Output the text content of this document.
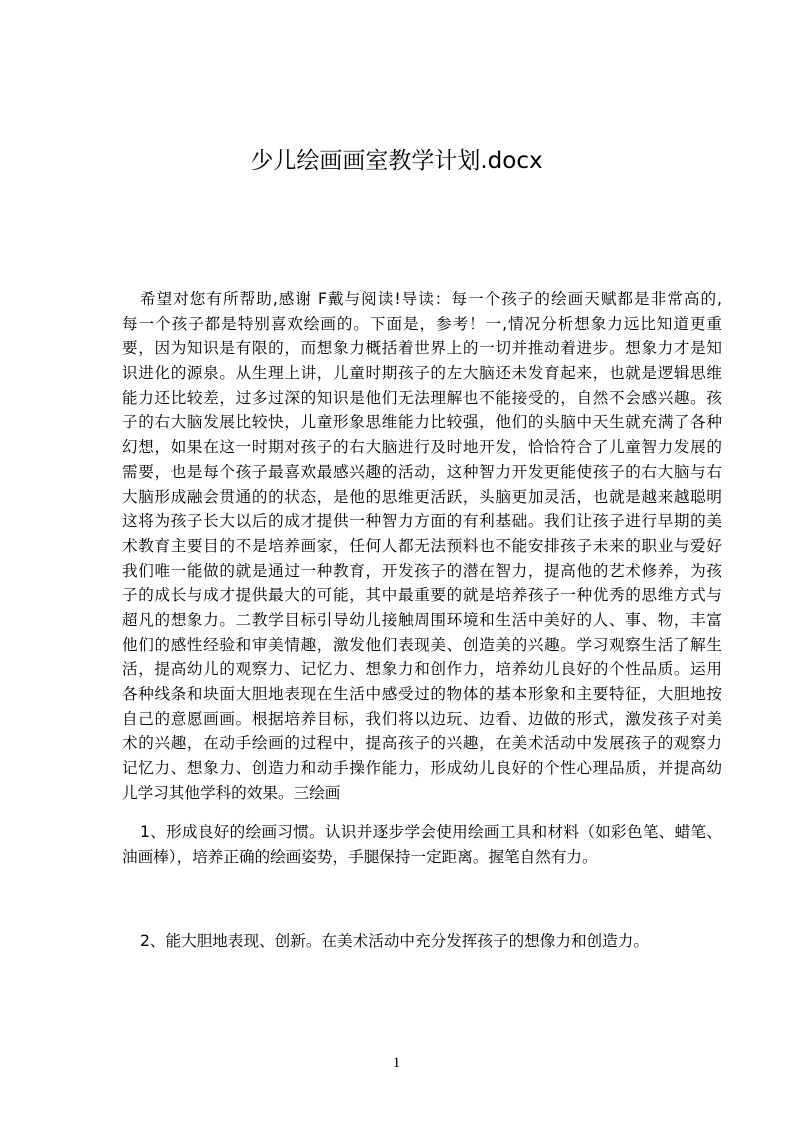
少儿绘画画室教学计划.docx
希望对您有所帮助,感谢 F戴与阅读!导读：每一个孩子的绘画天赋都是非常高的,
每一个孩子都是特别喜欢绘画的。下面是，参考！一,情况分析想象力远比知道更重
要，因为知识是有限的，而想象力概括着世界上的一切并推动着进步。想象力才是知
识进化的源泉。从生理上讲，儿童时期孩子的左大脑还未发育起来，也就是逻辑思维
能力还比较差，过多过深的知识是他们无法理解也不能接受的，自然不会感兴趣。孩
子的右大脑发展比较快，儿童形象思维能力比较强，他们的头脑中天生就充满了各种
幻想，如果在这一时期对孩子的右大脑进行及时地开发，恰恰符合了儿童智力发展的
需要，也是每个孩子最喜欢最感兴趣的活动，这种智力开发更能使孩子的右大脑与右
大脑形成融会贯通的的状态，是他的思维更活跃，头脑更加灵活，也就是越来越聪明
这将为孩子长大以后的成才提供一种智力方面的有利基础。我们让孩子进行早期的美
术教育主要目的不是培养画家，任何人都无法预料也不能安排孩子未来的职业与爱好
我们唯一能做的就是通过一种教育，开发孩子的潜在智力，提高他的艺术修养，为孩
子的成长与成才提供最大的可能，其中最重要的就是培养孩子一种优秀的思维方式与
超凡的想象力。二教学目标引导幼儿接触周围环境和生活中美好的人、事、物，丰富
他们的感性经验和审美情趣，激发他们表现美、创造美的兴趣。学习观察生活了解生
活，提高幼儿的观察力、记忆力、想象力和创作力，培养幼儿良好的个性品质。运用
各种线条和块面大胆地表现在生活中感受过的物体的基本形象和主要特征，大胆地按
自己的意愿画画。根据培养目标，我们将以边玩、边看、边做的形式，激发孩子对美
术的兴趣，在动手绘画的过程中，提高孩子的兴趣，在美术活动中发展孩子的观察力
记忆力、想象力、创造力和动手操作能力，形成幼儿良好的个性心理品质，并提高幼
儿学习其他学科的效果。三绘画
1、形成良好的绘画习惯。认识并逐步学会使用绘画工具和材料（如彩色笔、蜡笔、
油画棒），培养正确的绘画姿势，手腿保持一定距离。握笔自然有力。
2、能大胆地表现、创新。在美术活动中充分发挥孩子的想像力和创造力。
1
